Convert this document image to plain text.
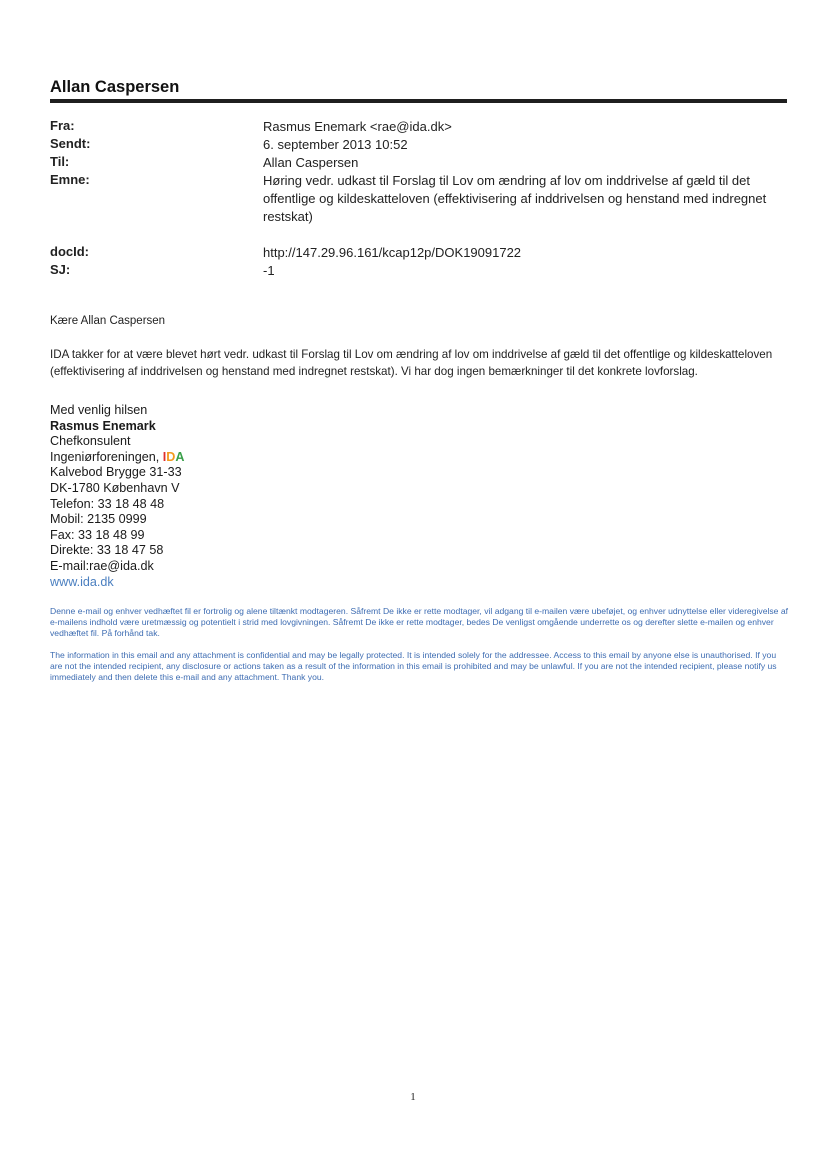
Allan Caspersen
Fra:	Rasmus Enemark <rae@ida.dk>
Sendt:	6. september 2013 10:52
Til:	Allan Caspersen
Emne:	Høring vedr. udkast til Forslag til Lov om ændring af lov om inddrivelse af gæld til det offentlige og kildeskatteloven (effektivisering af inddrivelsen og henstand med indregnet restskat)
docId:	http://147.29.96.161/kcap12p/DOK19091722
SJ:	-1
Kære Allan Caspersen
IDA takker for at være blevet hørt vedr. udkast til Forslag til Lov om ændring af lov om inddrivelse af gæld til det offentlige og kildeskatteloven (effektivisering af inddrivelsen og henstand med indregnet restskat). Vi har dog ingen bemærkninger til det konkrete lovforslag.
Med venlig hilsen
Rasmus Enemark
Chefkonsulent
Ingeniørforeningen, IDA
Kalvebod Brygge 31-33
DK-1780 København V
Telefon: 33 18 48 48
Mobil: 2135 0999
Fax: 33 18 48 99
Direkte: 33 18 47 58
E-mail:rae@ida.dk
www.ida.dk
Denne e-mail og enhver vedhæftet fil er fortrolig og alene tiltænkt modtageren. Såfremt De ikke er rette modtager, vil adgang til e-mailen være ubeføjet, og enhver udnyttelse eller videregivelse af e-mailens indhold være uretmæssig og potentielt i strid med lovgivningen. Såfremt De ikke er rette modtager, bedes De venligst omgående underrette os og derefter slette e-mailen og enhver vedhæftet fil. På forhånd tak.
The information in this email and any attachment is confidential and may be legally protected. It is intended solely for the addressee. Access to this email by anyone else is unauthorised. If you are not the intended recipient, any disclosure or actions taken as a result of the information in this email is prohibited and may be unlawful. If you are not the intended recipient, please notify us immediately and then delete this e-mail and any attachment. Thank you.
1
